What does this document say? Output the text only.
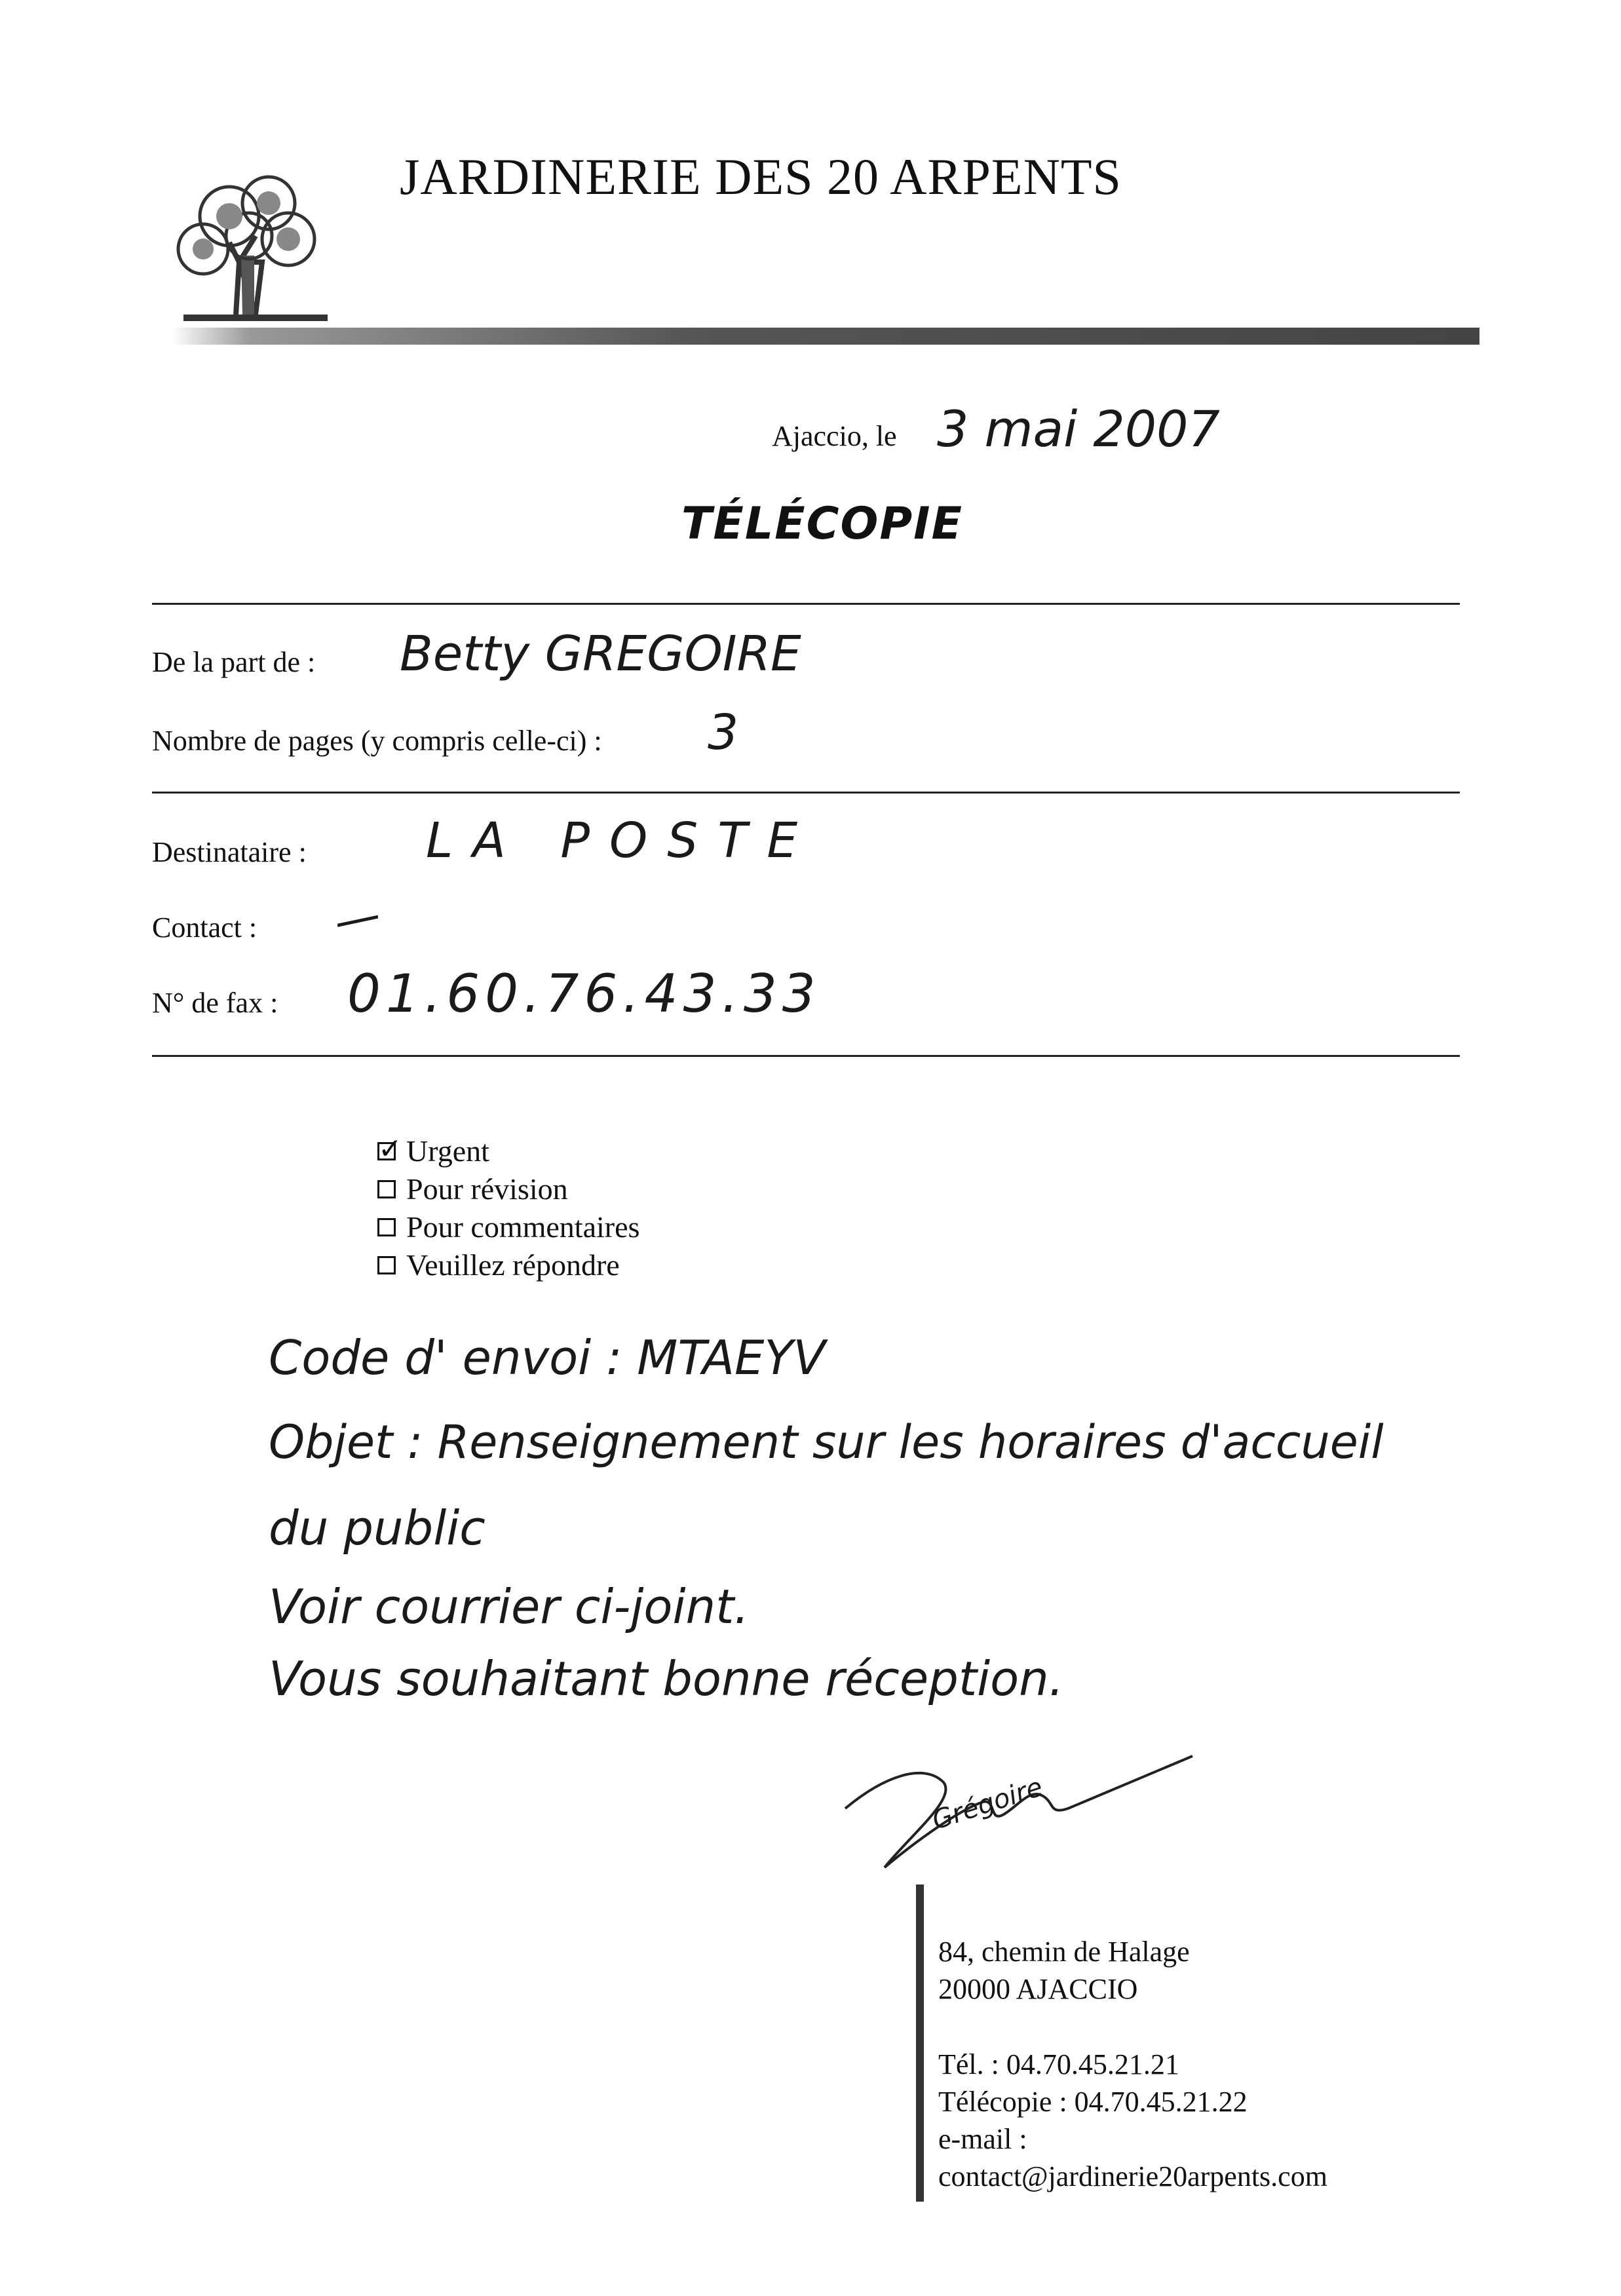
JARDINERIE DES 20 ARPENTS
Ajaccio, le 3 mai 2007
TÉLÉCOPIE
De la part de : Betty GREGOIRE
Nombre de pages (y compris celle-ci) : 3
Destinataire : LA POSTE
Contact : —
N° de fax : 01.60.76.43.33
✓
Urgent
Pour révision
Pour commentaires
Veuillez répondre
Code d' envoi : MTAEYV
Objet : Renseignement sur les horaires d'accueil
du public
Voir courrier ci-joint.
Vous souhaitant bonne réception.
Grégoire
84, chemin de Halage
20000 AJACCIO
Tél. : 04.70.45.21.21
Télécopie : 04.70.45.21.22
e-mail :
contact@jardinerie20arpents.com
